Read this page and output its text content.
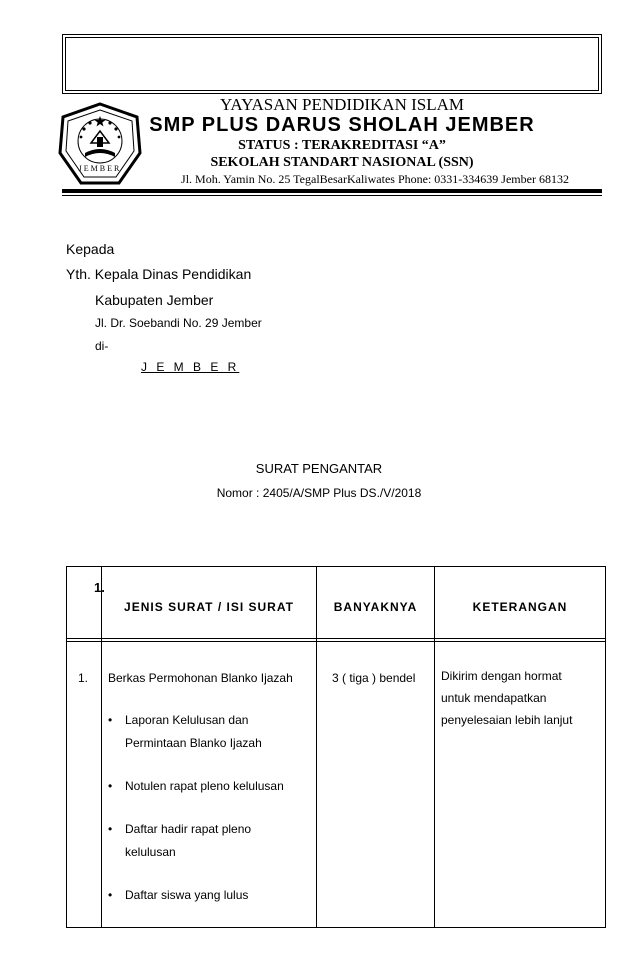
JEMBER
YAYASAN PENDIDIKAN ISLAM
SMP PLUS DARUS SHOLAH JEMBER
STATUS : TERAKREDITASI “A”
SEKOLAH STANDART NASIONAL (SSN)
Jl. Moh. Yamin No. 25 TegalBesarKaliwates Phone: 0331-334639 Jember 68132
Kepada
Yth. Kepala Dinas Pendidikan
Kabupaten Jember
Jl. Dr. Soebandi No. 29 Jember
di-
J E M B E R
SURAT PENGANTAR
Nomor : 2405/A/SMP Plus DS./V/2018
1.
JENIS SURAT / ISI SURAT	BANYAKNYA	KETERANGAN
1. Berkas Permohonan Blanko Ijazah
• Laporan Kelulusan dan
Permintaan Blanko Ijazah
• Notulen rapat pleno kelulusan
• Daftar hadir rapat pleno
kelulusan
• Daftar siswa yang lulus
3 ( tiga ) bendel Dikirim dengan hormat
untuk mendapatkan
penyelesaian lebih lanjut
